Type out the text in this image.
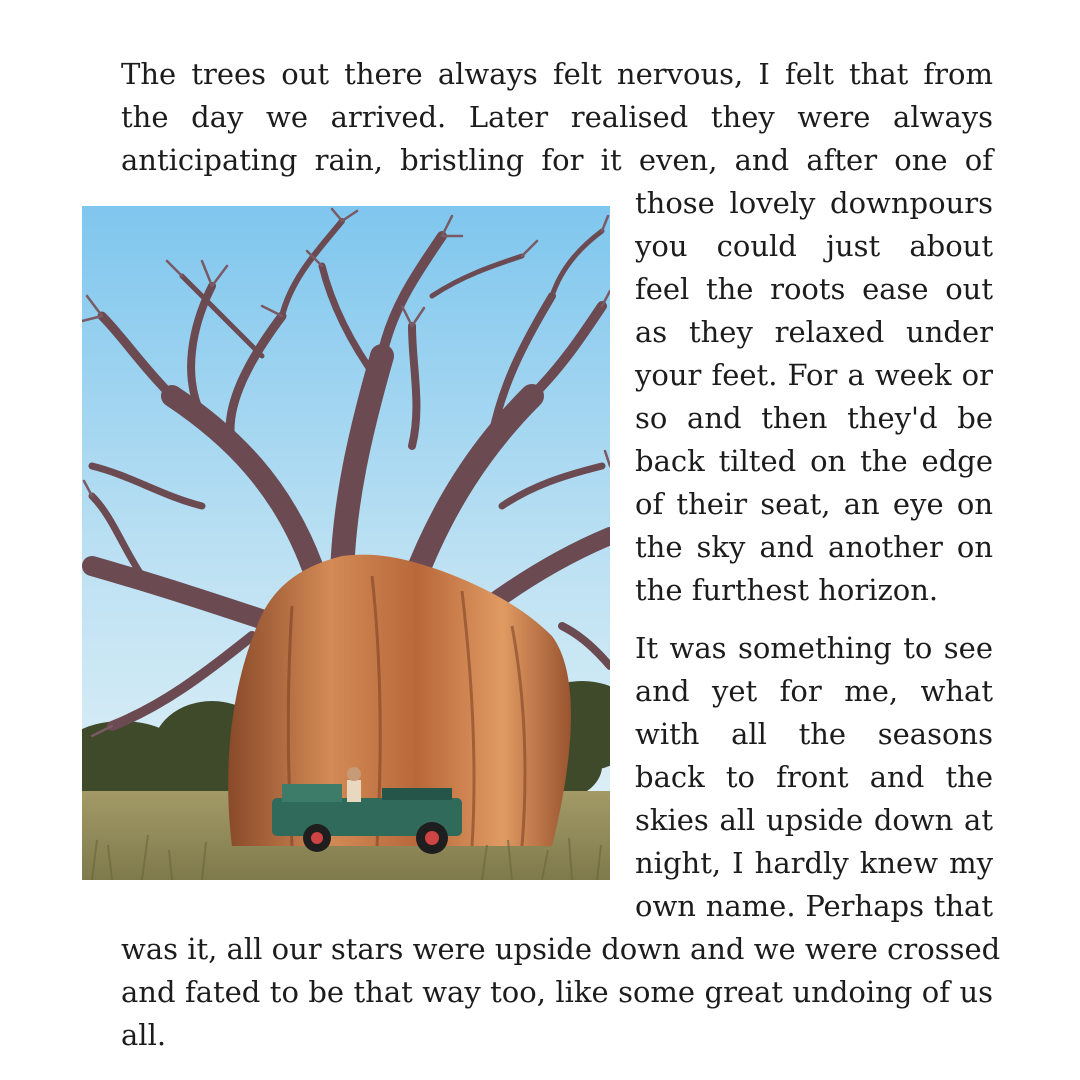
The trees out there always felt nervous, I felt that from
the day we arrived. Later realised they were always
anticipating rain, bristling for it even, and after one of
those lovely downpours
you could just about
feel the roots ease out
as they relaxed under
your feet. For a week or
so and then they'd be
back tilted on the edge
of their seat, an eye on
the sky and another on
the furthest horizon.
It was something to see
and yet for me, what
with all the seasons
back to front and the
skies all upside down at
night, I hardly knew my
own name. Perhaps that
was it, all our stars were upside down and we were crossed
and fated to be that way too, like some great undoing of us
all.
